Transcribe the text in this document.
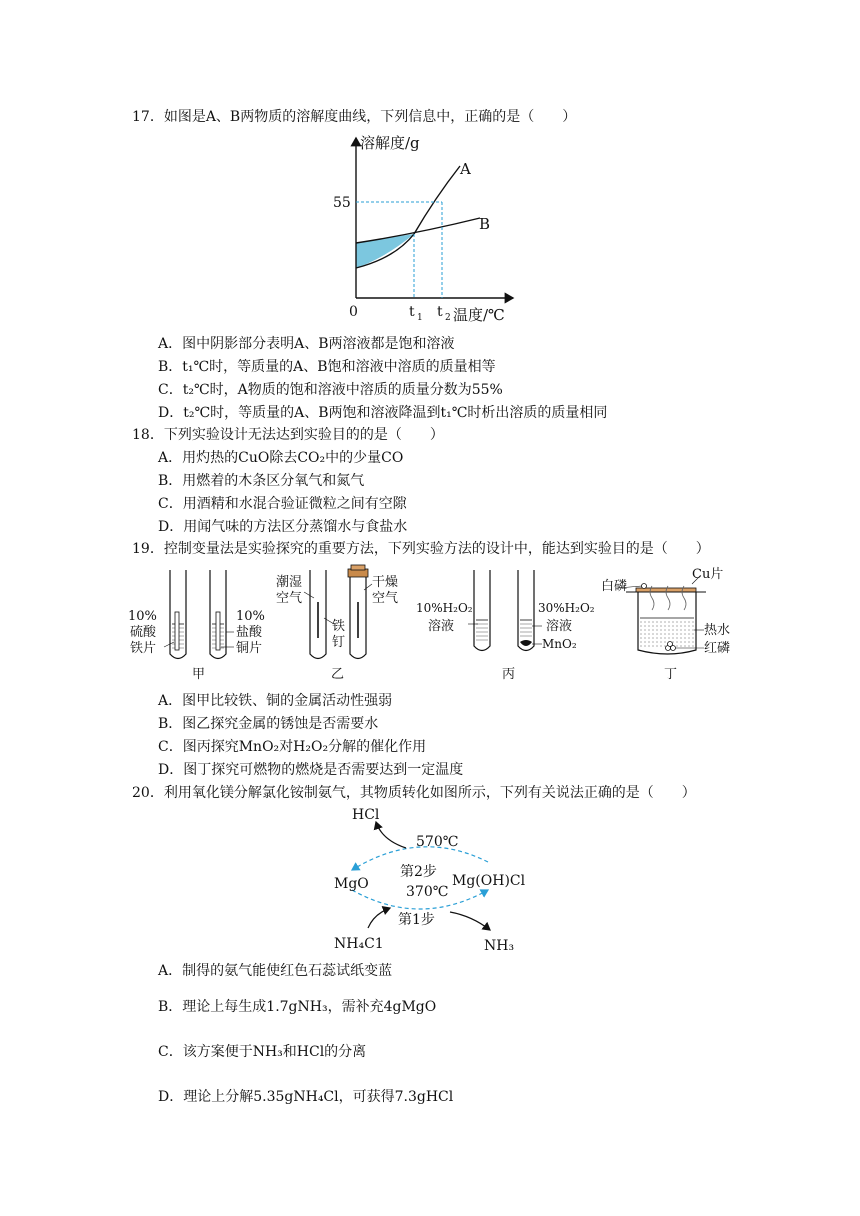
17．如图是A、B两物质的溶解度曲线，下列信息中，正确的是（　　）
溶解度/g
55
0	t 1 t 2 温度/℃
A
B
A．图中阴影部分表明A、B两溶液都是饱和溶液
B．t₁℃时，等质量的A、B饱和溶液中溶质的质量相等
C．t₂℃时，A物质的饱和溶液中溶质的质量分数为55%
D．t₂℃时，等质量的A、B两饱和溶液降温到t₁℃时析出溶质的质量相同
18．下列实验设计无法达到实验目的的是（　　）
A．用灼热的CuO除去CO₂中的少量CO
B．用燃着的木条区分氧气和氮气
C．用酒精和水混合验证微粒之间有空隙
D．用闻气味的方法区分蒸馏水与食盐水
19．控制变量法是实验探究的重要方法，下列实验方法的设计中，能达到实验目的是（　　）
10%
硫酸
铁片
10%
盐酸
铜片
甲
潮湿
空气
干燥
空气
铁
钉
乙
10%H₂O₂
溶液
30%H₂O₂
溶液
MnO₂
丙
白磷
Cu片
热水
红磷
丁
A．图甲比较铁、铜的金属活动性强弱
B．图乙探究金属的锈蚀是否需要水
C．图丙探究MnO₂对H₂O₂分解的催化作用
D．图丁探究可燃物的燃烧是否需要达到一定温度
20．利用氧化镁分解氯化铵制氨气，其物质转化如图所示，下列有关说法正确的是（　　）
HCl
570℃
第2步
MgO	Mg(OH)Cl
370℃
第1步
NH₄C1	NH₃
A．制得的氨气能使红色石蕊试纸变蓝
B．理论上每生成1.7gNH₃，需补充4gMgO
C．该方案便于NH₃和HCl的分离
D．理论上分解5.35gNH₄Cl，可获得7.3gHCl
